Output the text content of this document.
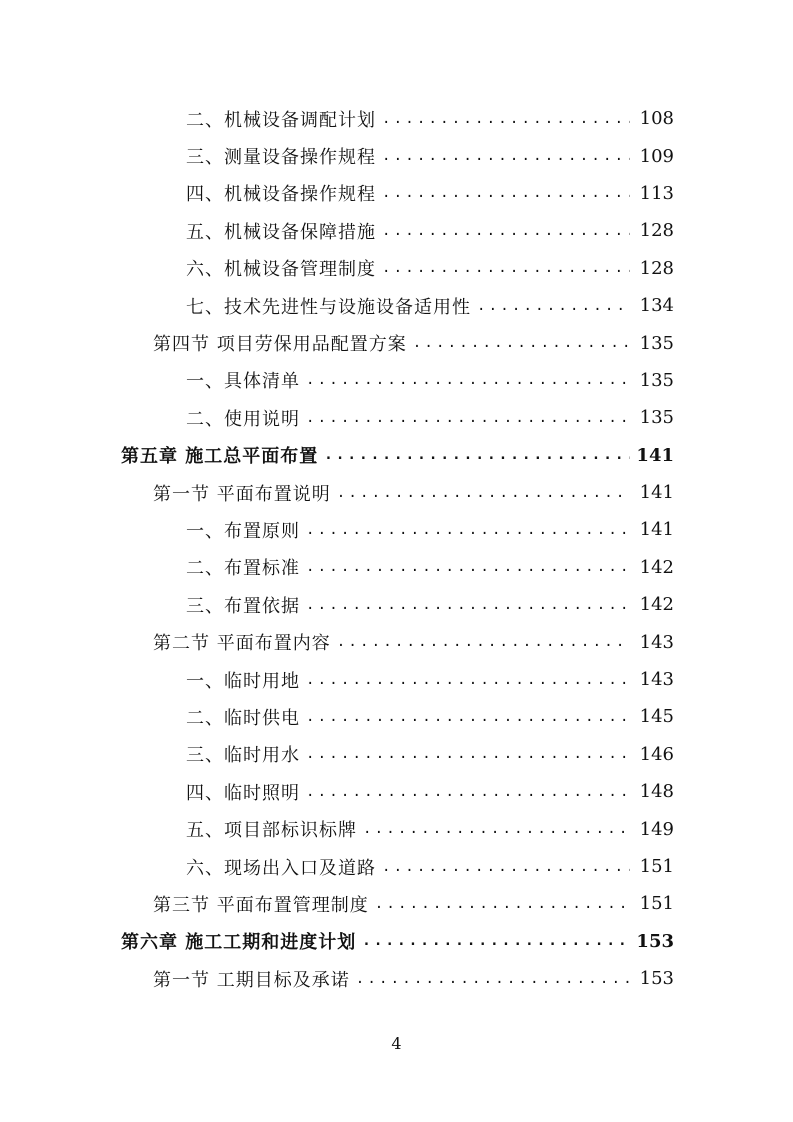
二、机械设备调配计划 .....	108
三、测量设备操作规程 .....	109
四、机械设备操作规程 .....	113
五、机械设备保障措施 .....	128
六、机械设备管理制度 .....	128
七、技术先进性与设施设备适用性 .....	134
第四节 项目劳保用品配置方案 .....	135
一、具体清单 .....	135
二、使用说明 .....	135
第五章 施工总平面布置 .....	141
第一节 平面布置说明 .....	141
一、布置原则 .....	141
二、布置标准 .....	142
三、布置依据 .....	142
第二节 平面布置内容 .....	143
一、临时用地 .....	143
二、临时供电 .....	145
三、临时用水 .....	146
四、临时照明 .....	148
五、项目部标识标牌 .....	149
六、现场出入口及道路 .....	151
第三节 平面布置管理制度 .....	151
第六章 施工工期和进度计划 .....	153
第一节 工期目标及承诺 .....	153
4
